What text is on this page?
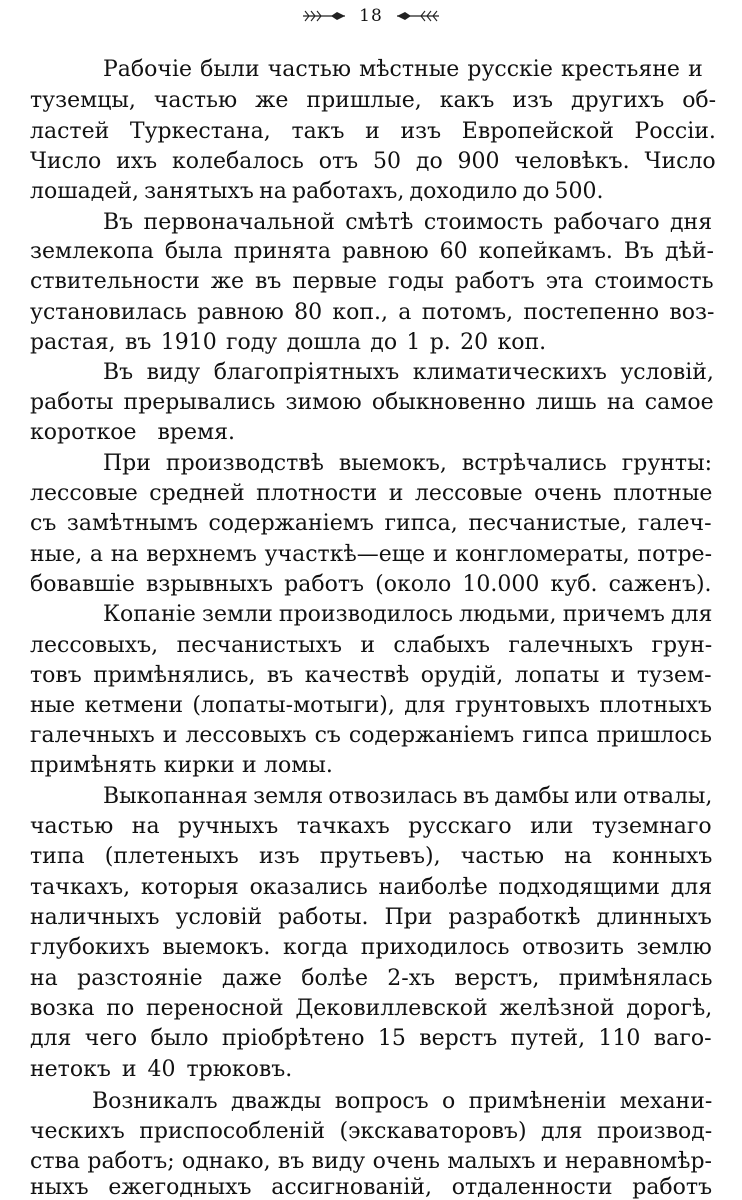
18
Рабочіе были частью мѣстные русскіе крестьяне и
туземцы, частью же пришлые, какъ изъ другихъ об-
ластей Туркестана, такъ и изъ Европейской Россіи.
Число ихъ колебалось отъ 50 до 900 человѣкъ. Число
лошадей, занятыхъ на работахъ, доходило до 500.
Въ первоначальной смѣтѣ стоимость рабочаго дня
землекопа была принята равною 60 копейкамъ. Въ дѣй-
ствительности же въ первые годы работъ эта стоимость
установилась равною 80 коп., а потомъ, постепенно воз-
растая, въ 1910 году дошла до 1 р. 20 коп.
Въ виду благопріятныхъ климатическихъ условій,
работы прерывались зимою обыкновенно лишь на самое
короткое время.
При производствѣ выемокъ, встрѣчались грунты:
лессовые средней плотности и лессовые очень плотные
съ замѣтнымъ содержаніемъ гипса, песчанистые, галеч-
ные, а на верхнемъ участкѣ—еще и конгломераты, потре-
бовавшіе взрывныхъ работъ (около 10.000 куб. саженъ).
Копаніе земли производилось людьми, причемъ для
лессовыхъ, песчанистыхъ и слабыхъ галечныхъ грун-
товъ примѣнялись, въ качествѣ орудій, лопаты и тузем-
ные кетмени (лопаты-мотыги), для грунтовыхъ плотныхъ
галечныхъ и лессовыхъ съ содержаніемъ гипса пришлось
примѣнять кирки и ломы.
Выкопанная земля отвозилась въ дамбы или отвалы,
частью на ручныхъ тачкахъ русскаго или туземнаго
типа (плетеныхъ изъ прутьевъ), частью на конныхъ
тачкахъ, которыя оказались наиболѣе подходящими для
наличныхъ условій работы. При разработкѣ длинныхъ
глубокихъ выемокъ. когда приходилось отвозить землю
на разстояніе даже болѣе 2-хъ верстъ, примѣнялась
возка по переносной Дековиллевской желѣзной дорогѣ,
для чего было пріобрѣтено 15 верстъ путей, 110 ваго-
нетокъ и 40 трюковъ.
Возникалъ дважды вопросъ о примѣненіи механи-
ческихъ приспособленій (экскаваторовъ) для производ-
ства работъ; однако, въ виду очень малыхъ и неравномѣр-
ныхъ ежегодныхъ ассигнованій, отдаленности работъ
